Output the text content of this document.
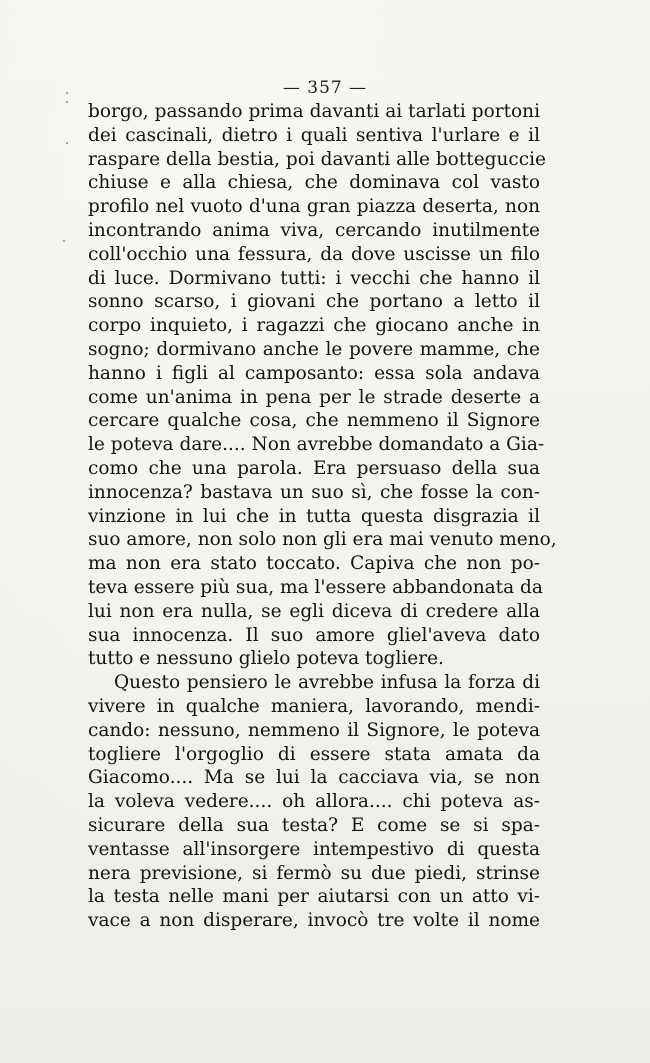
— 357 —
borgo, passando prima davanti ai tarlati portoni
dei cascinali, dietro i quali sentiva l'urlare e il
raspare della bestia, poi davanti alle botteguccie
chiuse e alla chiesa, che dominava col vasto
profilo nel vuoto d'una gran piazza deserta, non
incontrando anima viva, cercando inutilmente
coll'occhio una fessura, da dove uscisse un filo
di luce. Dormivano tutti: i vecchi che hanno il
sonno scarso, i giovani che portano a letto il
corpo inquieto, i ragazzi che giocano anche in
sogno; dormivano anche le povere mamme, che
hanno i figli al camposanto: essa sola andava
come un'anima in pena per le strade deserte a
cercare qualche cosa, che nemmeno il Signore
le poteva dare.... Non avrebbe domandato a Gia-
como che una parola. Era persuaso della sua
innocenza? bastava un suo sì, che fosse la con-
vinzione in lui che in tutta questa disgrazia il
suo amore, non solo non gli era mai venuto meno,
ma non era stato toccato. Capiva che non po-
teva essere più sua, ma l'essere abbandonata da
lui non era nulla, se egli diceva di credere alla
sua innocenza. Il suo amore gliel'aveva dato
tutto e nessuno glielo poteva togliere.
Questo pensiero le avrebbe infusa la forza di
vivere in qualche maniera, lavorando, mendi-
cando: nessuno, nemmeno il Signore, le poteva
togliere l'orgoglio di essere stata amata da
Giacomo.... Ma se lui la cacciava via, se non
la voleva vedere.... oh allora.... chi poteva as-
sicurare della sua testa? E come se si spa-
ventasse all'insorgere intempestivo di questa
nera previsione, si fermò su due piedi, strinse
la testa nelle mani per aiutarsi con un atto vi-
vace a non disperare, invocò tre volte il nome
